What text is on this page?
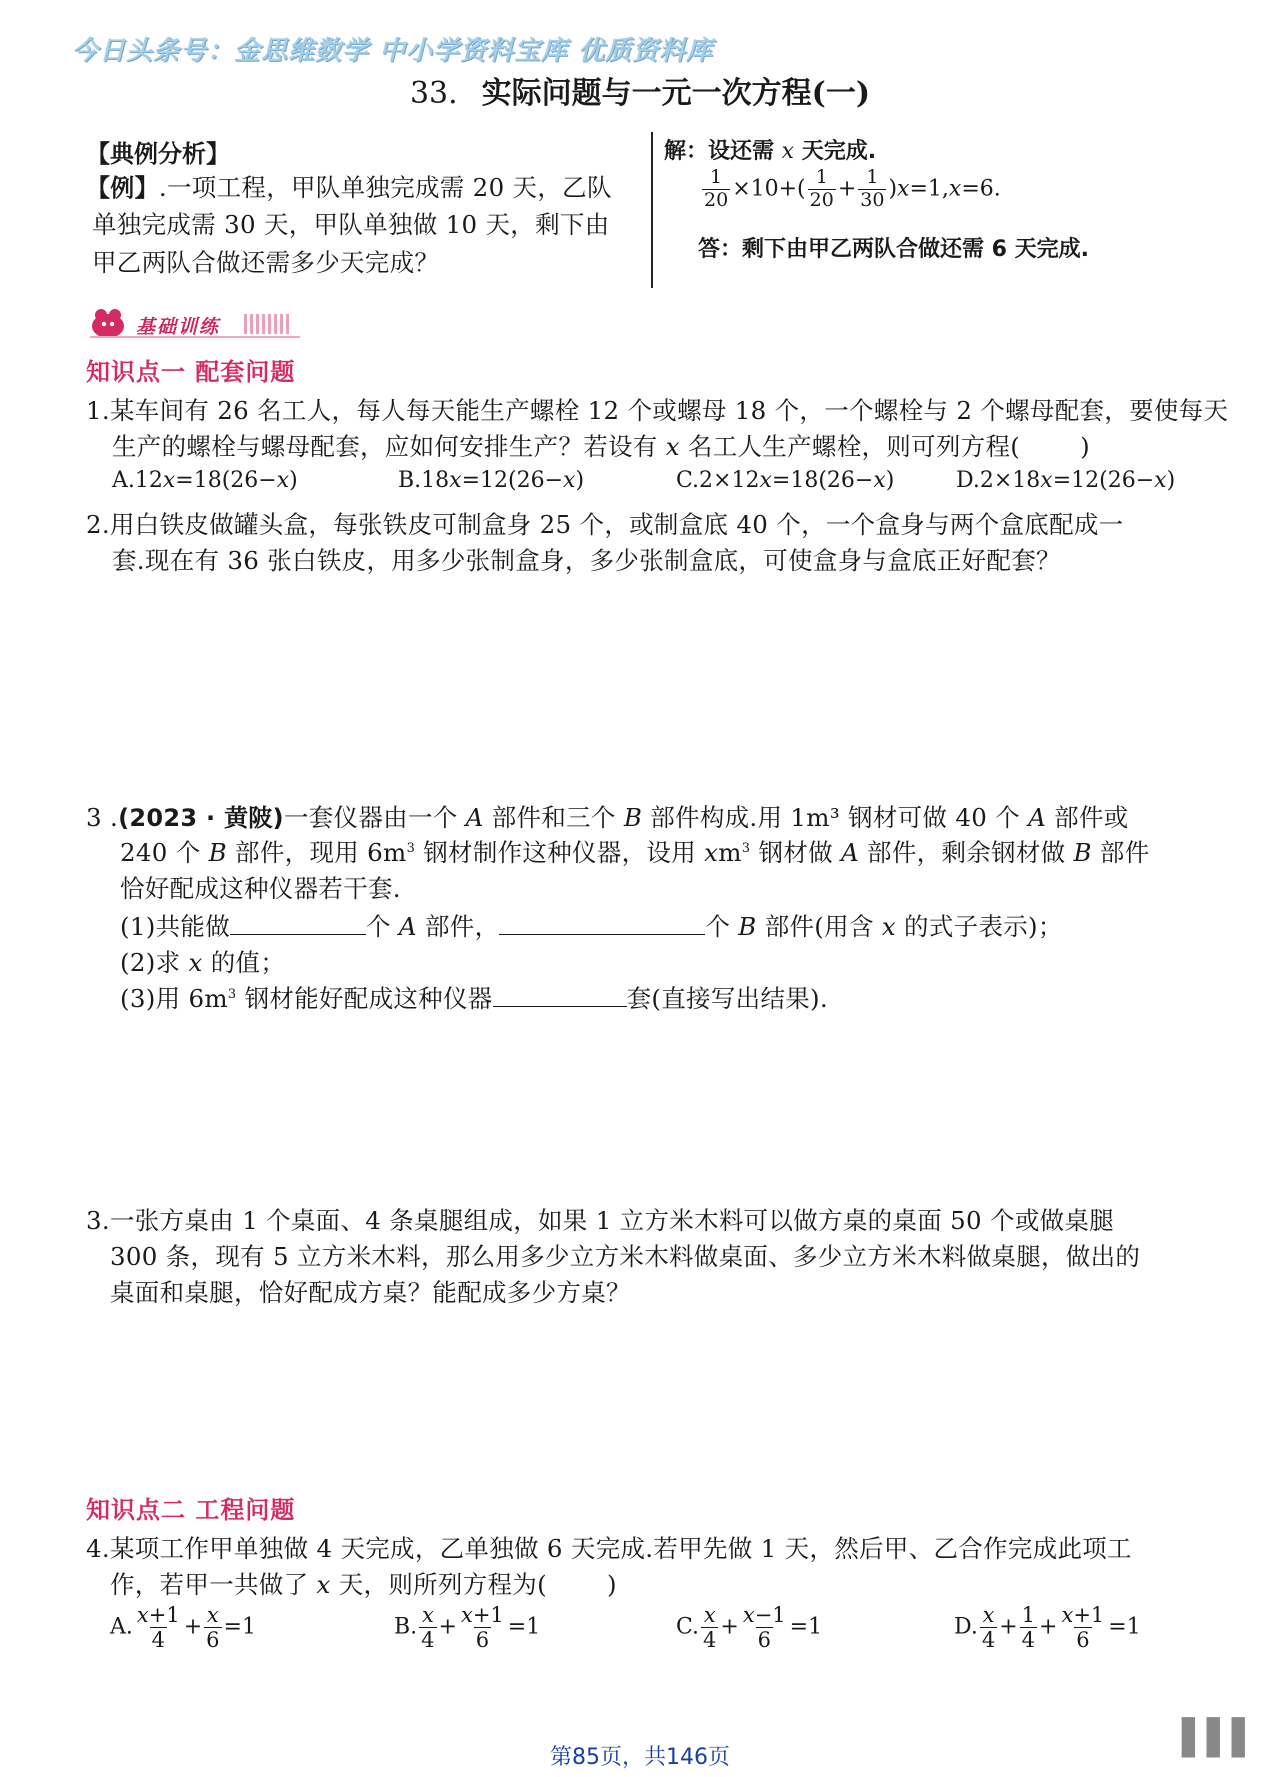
今日头条号：金思维数学 中小学资料宝库 优质资料库
33. 实际问题与一元一次方程(一)
【典例分析】
【例】.一项工程，甲队单独完成需 20 天，乙队
单独完成需 30 天，甲队单独做 10 天，剩下由
甲乙两队合做还需多少天完成？
解：设还需 x 天完成.
$\frac{1}{20} \times 10+( \frac{1}{20} + \frac{1}{30} )x=1,x=6$.
答：剩下由甲乙两队合做还需 6 天完成.
基础训练
知识点一 配套问题
1.某车间有 26 名工人，每人每天能生产螺栓 12 个或螺母 18 个，一个螺栓与 2 个螺母配套，要使每天
生产的螺栓与螺母配套，应如何安排生产？若设有 x 名工人生产螺栓，则可列方程( )
A.12x=18(26−x)	B.18x=12(26−x)	C.2×12x=18(26−x)	D.2×18x=12(26−x)
2.用白铁皮做罐头盒，每张铁皮可制盒身 25 个，或制盒底 40 个，一个盒身与两个盒底配成一
套.现在有 36 张白铁皮，用多少张制盒身，多少张制盒底，可使盒身与盒底正好配套？
3 .(2023 · 黄陂)一套仪器由一个 A 部件和三个 B 部件构成.用 1m³ 钢材可做 40 个 A 部件或
240 个 B 部件，现用 $6m^3$ 钢材制作这种仪器，设用 $xm^3$ 钢材做 A 部件，剩余钢材做 B 部件
恰好配成这种仪器若干套.
(1)共能做	个 A 部件，	个 B 部件(用含 x 的式子表示)；
(2)求 x 的值；
(3)用 $6m^3$ 钢材能好配成这种仪器	套(直接写出结果).
3.一张方桌由 1 个桌面、4 条桌腿组成，如果 1 立方米木料可以做方桌的桌面 50 个或做桌腿
300 条，现有 5 立方米木料，那么用多少立方米木料做桌面、多少立方米木料做桌腿，做出的
桌面和桌腿，恰好配成方桌？能配成多少方桌？
知识点二 工程问题
4.某项工作甲单独做 4 天完成，乙单独做 6 天完成.若甲先做 1 天，然后甲、乙合作完成此项工
作，若甲一共做了 x 天，则所列方程为( )
A. $\frac{x+1}{4} + \frac{x}{6} =1$	B. $\frac{x}{4} + \frac{x+1}{6} =1$	C. $\frac{x}{4} + \frac{x-1}{6} =1$	D. $\frac{x}{4} + \frac{1}{4} + \frac{x+1}{6} =1$
第85页，共146页	▌ ▌ ▌
